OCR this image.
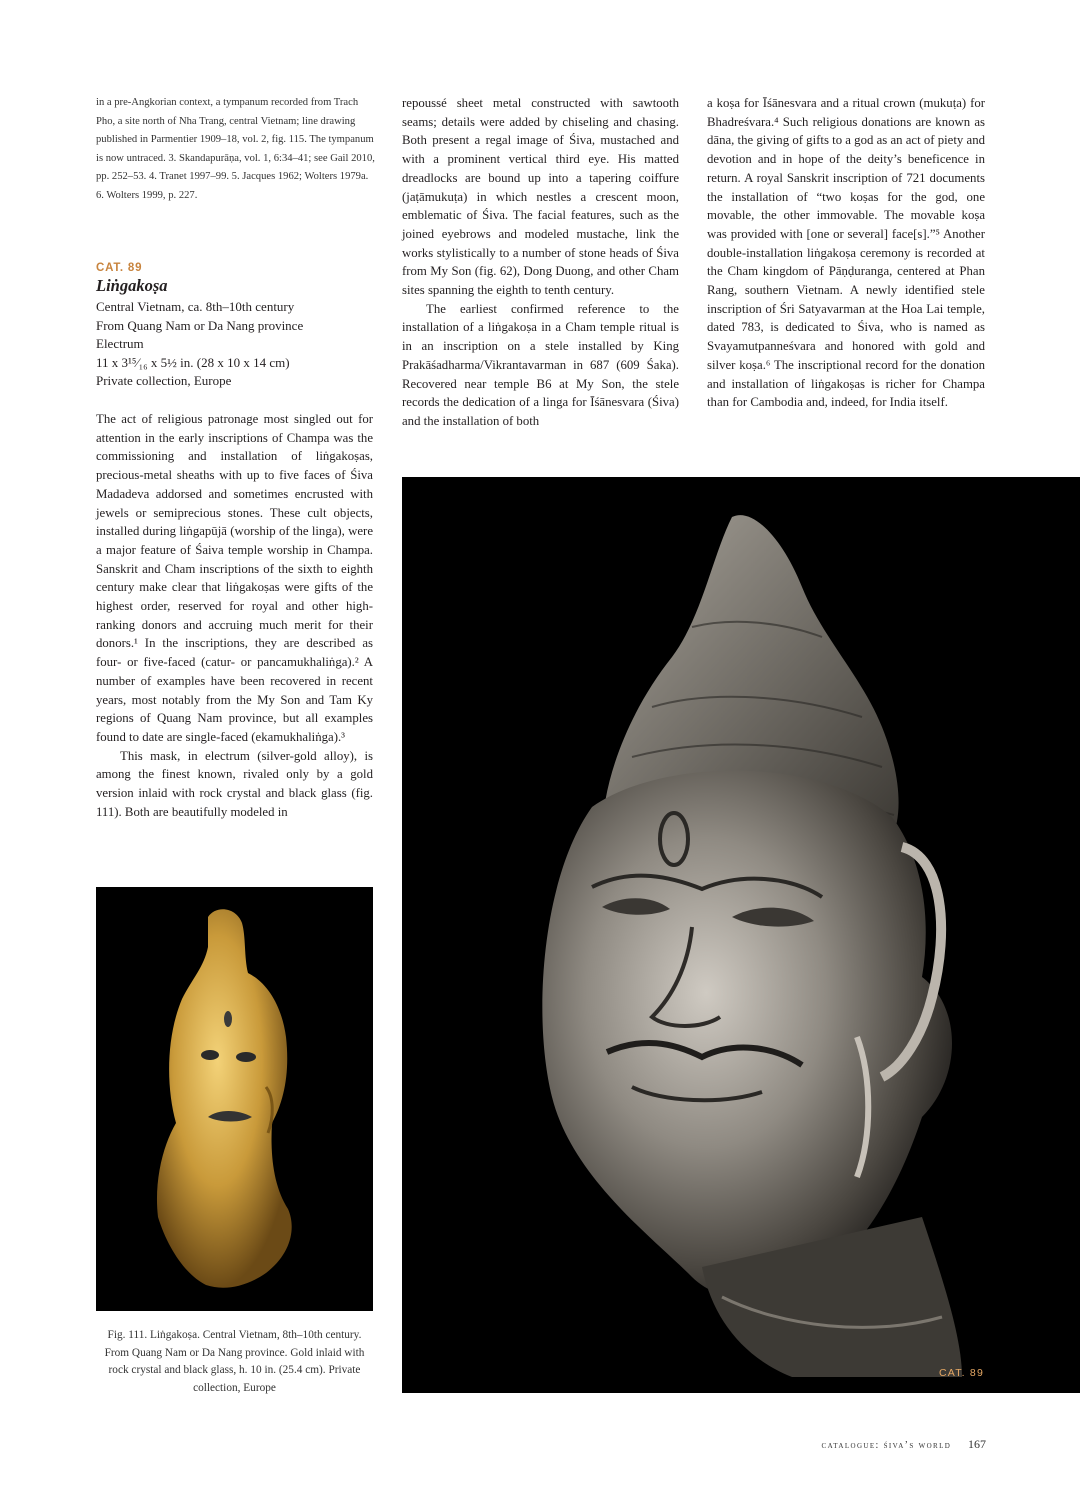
in a pre-Angkorian context, a tympanum recorded from Trach Pho, a site north of Nha Trang, central Vietnam; line drawing published in Parmentier 1909–18, vol. 2, fig. 115. The tympanum is now untraced. 3. Skandapurāṇa, vol. 1, 6:34–41; see Gail 2010, pp. 252–53. 4. Tranet 1997–99. 5. Jacques 1962; Wolters 1979a. 6. Wolters 1999, p. 227.

CAT. 89
Liṅgakoṣa
Central Vietnam, ca. 8th–10th century
From Quang Nam or Da Nang province
Electrum
11 x 3¹⁵⁄₁₆ x 5½ in. (28 x 10 x 14 cm)
Private collection, Europe

The act of religious patronage most singled out for attention in the early inscriptions of Champa was the commissioning and installation of liṅgakoṣas, precious-metal sheaths with up to five faces of Śiva Madadeva addorsed and sometimes encrusted with jewels or semiprecious stones. These cult objects, installed during liṅgapūjā (worship of the linga), were a major feature of Śaiva temple worship in Champa. Sanskrit and Cham inscriptions of the sixth to eighth century make clear that liṅgakoṣas were gifts of the highest order, reserved for royal and other high-ranking donors and accruing much merit for their donors.¹ In the inscriptions, they are described as four- or five-faced (catur- or pancamukhaliṅga).² A number of examples have been recovered in recent years, most notably from the My Son and Tam Ky regions of Quang Nam province, but all examples found to date are single-faced (ekamukhaliṅga).³

This mask, in electrum (silver-gold alloy), is among the finest known, rivaled only by a gold version inlaid with rock crystal and black glass (fig. 111). Both are beautifully modeled in

repoussé sheet metal constructed with sawtooth seams; details were added by chiseling and chasing. Both present a regal image of Śiva, mustached and with a prominent vertical third eye. His matted dreadlocks are bound up into a tapering coiffure (jaṭāmukuṭa) in which nestles a crescent moon, emblematic of Śiva. The facial features, such as the joined eyebrows and modeled mustache, link the works stylistically to a number of stone heads of Śiva from My Son (fig. 62), Dong Duong, and other Cham sites spanning the eighth to tenth century.

The earliest confirmed reference to the installation of a liṅgakoṣa in a Cham temple ritual is in an inscription on a stele installed by King Prakāśadharma/Vikrantavarman in 687 (609 Śaka). Recovered near temple B6 at My Son, the stele records the dedication of a linga for Īśānesvara (Śiva) and the installation of both

a koṣa for Īśānesvara and a ritual crown (mukuṭa) for Bhadreśvara.⁴ Such religious donations are known as dāna, the giving of gifts to a god as an act of piety and devotion and in hope of the deity’s beneficence in return. A royal Sanskrit inscription of 721 documents the installation of “two koṣas for the god, one movable, the other immovable. The movable koṣa was provided with [one or several] face[s].”⁵ Another double-installation liṅgakoṣa ceremony is recorded at the Cham kingdom of Pāṇḍuranga, centered at Phan Rang, southern Vietnam. A newly identified stele inscription of Śri Satyavarman at the Hoa Lai temple, dated 783, is dedicated to Śiva, who is named as Svayamutpanneśvara and honored with gold and silver koṣa.⁶ The inscriptional record for the donation and installation of liṅgakoṣas is richer for Champa than for Cambodia and, indeed, for India itself.

Fig. 111. Liṅgakoṣa. Central Vietnam, 8th–10th century. From Quang Nam or Da Nang province. Gold inlaid with rock crystal and black glass, h. 10 in. (25.4 cm). Private collection, Europe
CAT. 89
catalogue: śiva’s world 167
